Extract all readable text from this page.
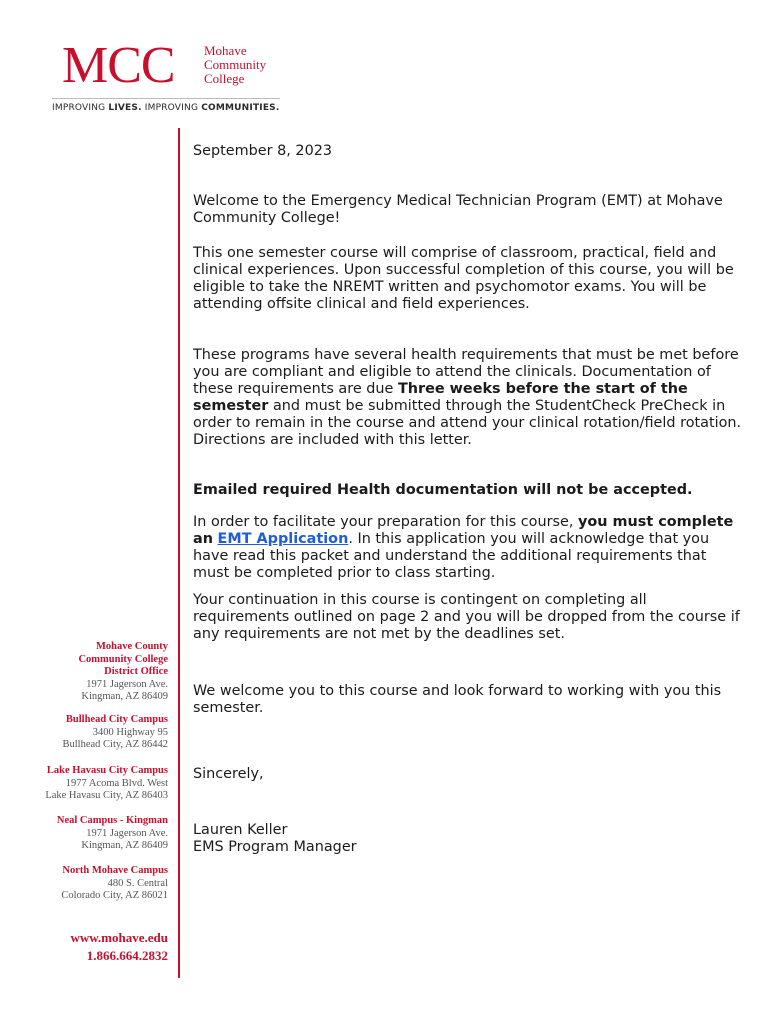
MCC Mohave
Community
College
IMPROVING LIVES. IMPROVING COMMUNITIES.
Mohave County
Community College
District Office
1971 Jagerson Ave.
Kingman, AZ 86409
Bullhead City Campus
3400 Highway 95
Bullhead City, AZ 86442
Lake Havasu City Campus
1977 Acoma Blvd. West
Lake Havasu City, AZ 86403
Neal Campus - Kingman
1971 Jagerson Ave.
Kingman, AZ 86409
North Mohave Campus
480 S. Central
Colorado City, AZ 86021
www.mohave.edu
1.866.664.2832
September 8, 2023

Welcome to the Emergency Medical Technician Program (EMT) at Mohave Community College!

This one semester course will comprise of classroom, practical, field and clinical experiences. Upon successful completion of this course, you will be eligible to take the NREMT written and psychomotor exams. You will be attending offsite clinical and field experiences.

These programs have several health requirements that must be met before you are compliant and eligible to attend the clinicals. Documentation of these requirements are due Three weeks before the start of the semester and must be submitted through the StudentCheck PreCheck in order to remain in the course and attend your clinical rotation/field rotation. Directions are included with this letter.

Emailed required Health documentation will not be accepted.

In order to facilitate your preparation for this course, you must complete an EMT Application. In this application you will acknowledge that you have read this packet and understand the additional requirements that must be completed prior to class starting.

Your continuation in this course is contingent on completing all requirements outlined on page 2 and you will be dropped from the course if any requirements are not met by the deadlines set.

We welcome you to this course and look forward to working with you this semester.

Sincerely,
Lauren Keller
EMS Program Manager
